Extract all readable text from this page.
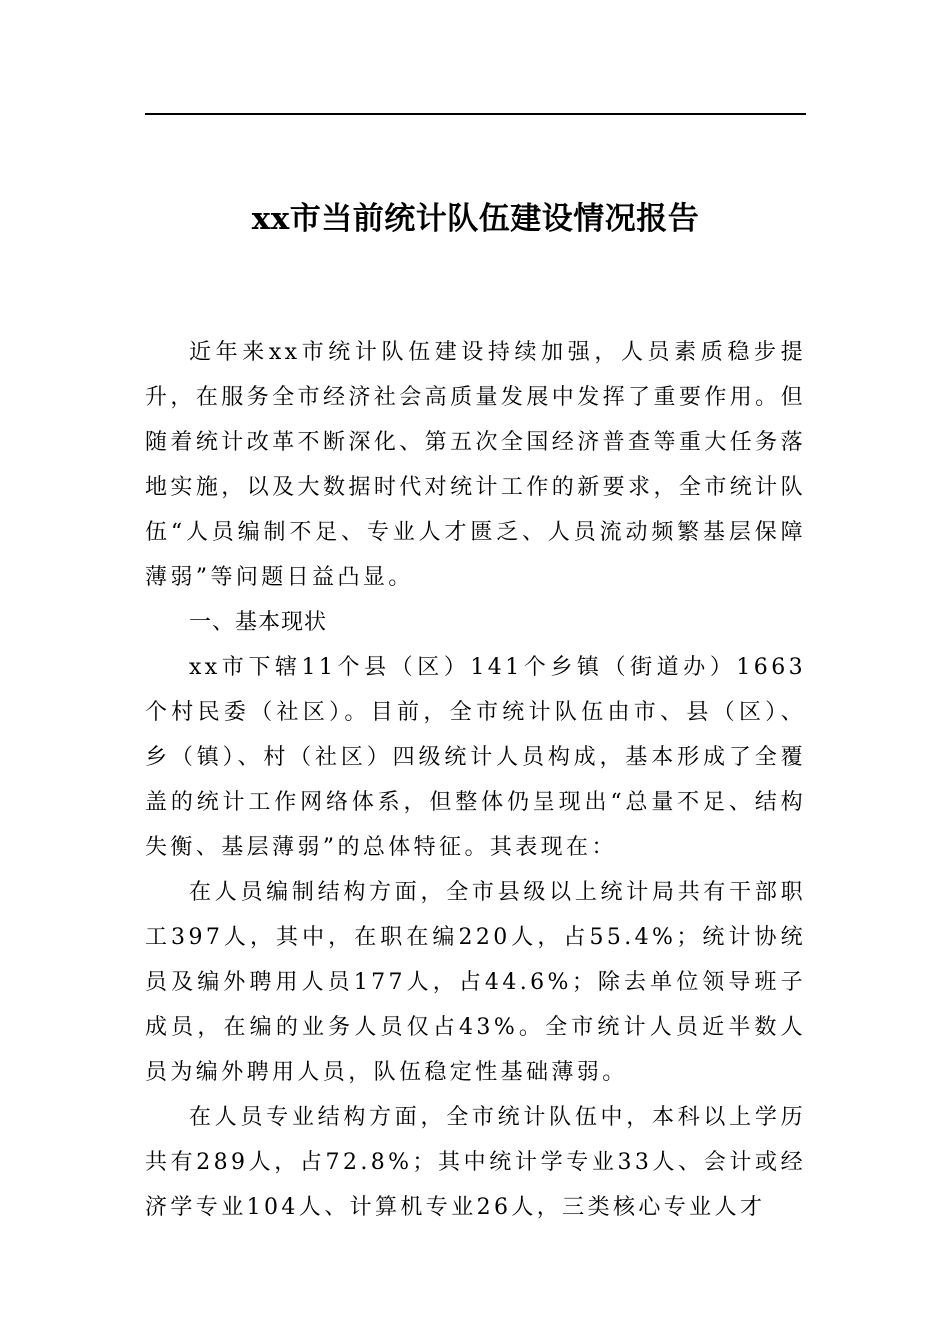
xx市当前统计队伍建设情况报告

近年来xx市统计队伍建设持续加强，人员素质稳步提升，在服务全市经济社会高质量发展中发挥了重要作用。但随着统计改革不断深化、第五次全国经济普查等重大任务落地实施，以及大数据时代对统计工作的新要求，全市统计队伍“人员编制不足、专业人才匮乏、人员流动频繁基层保障薄弱”等问题日益凸显。

一、基本现状

xx市下辖11个县（区）141个乡镇（街道办）1663个村民委（社区）。目前，全市统计队伍由市、县（区）、乡（镇）、村（社区）四级统计人员构成，基本形成了全覆盖的统计工作网络体系，但整体仍呈现出“总量不足、结构失衡、基层薄弱”的总体特征。其表现在：

在人员编制结构方面，全市县级以上统计局共有干部职工397人，其中，在职在编220人，占55.4%；统计协统员及编外聘用人员177人，占44.6%；除去单位领导班子成员，在编的业务人员仅占43%。全市统计人员近半数人员为编外聘用人员，队伍稳定性基础薄弱。

在人员专业结构方面，全市统计队伍中，本科以上学历共有289人，占72.8%；其中统计学专业33人、会计或经济学专业104人、计算机专业26人，三类核心专业人才
